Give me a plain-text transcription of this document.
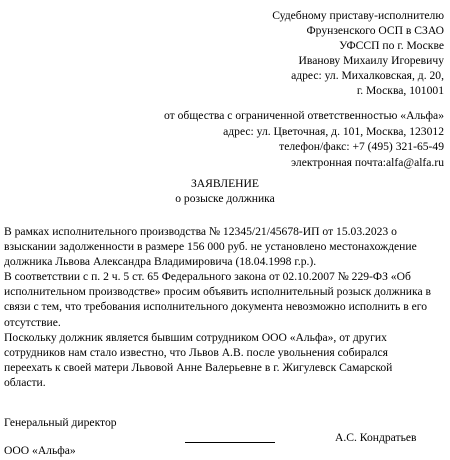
Судебному приставу-исполнителю
Фрунзенского ОСП в СЗАО
УФССП по г. Москве
Иванову Михаилу Игоревичу
адрес: ул. Михалковская, д. 20,
г. Москва, 101001
от общества с ограниченной ответственностью «Альфа»
адрес: ул. Цветочная, д. 101, Москва, 123012
телефон/факс: +7 (495) 321-65-49
электронная почта:alfa@alfa.ru
ЗАЯВЛЕНИЕ
о розыске должника

В рамках исполнительного производства № 12345/21/45678-ИП от 15.03.2023 о
взыскании задолженности в размере 156 000 руб. не установлено местонахождение
должника Львова Александра Владимировича (18.04.1998 г.р.).

В соответствии с п. 2 ч. 5 ст. 65 Федерального закона от 02.10.2007 № 229-ФЗ «Об
исполнительном производстве» просим объявить исполнительный розыск должника в
связи с тем, что требования исполнительного документа невозможно исполнить в его
отсутствие.

Поскольку должник является бывшим сотрудником ООО «Альфа», от других
сотрудников нам стало известно, что Львов А.В. после увольнения собирался
переехать к своей матери Львовой Анне Валерьевне в г. Жигулевск Самарской
области.

Генеральный директор
А.С. Кондратьев
ООО «Альфа»
